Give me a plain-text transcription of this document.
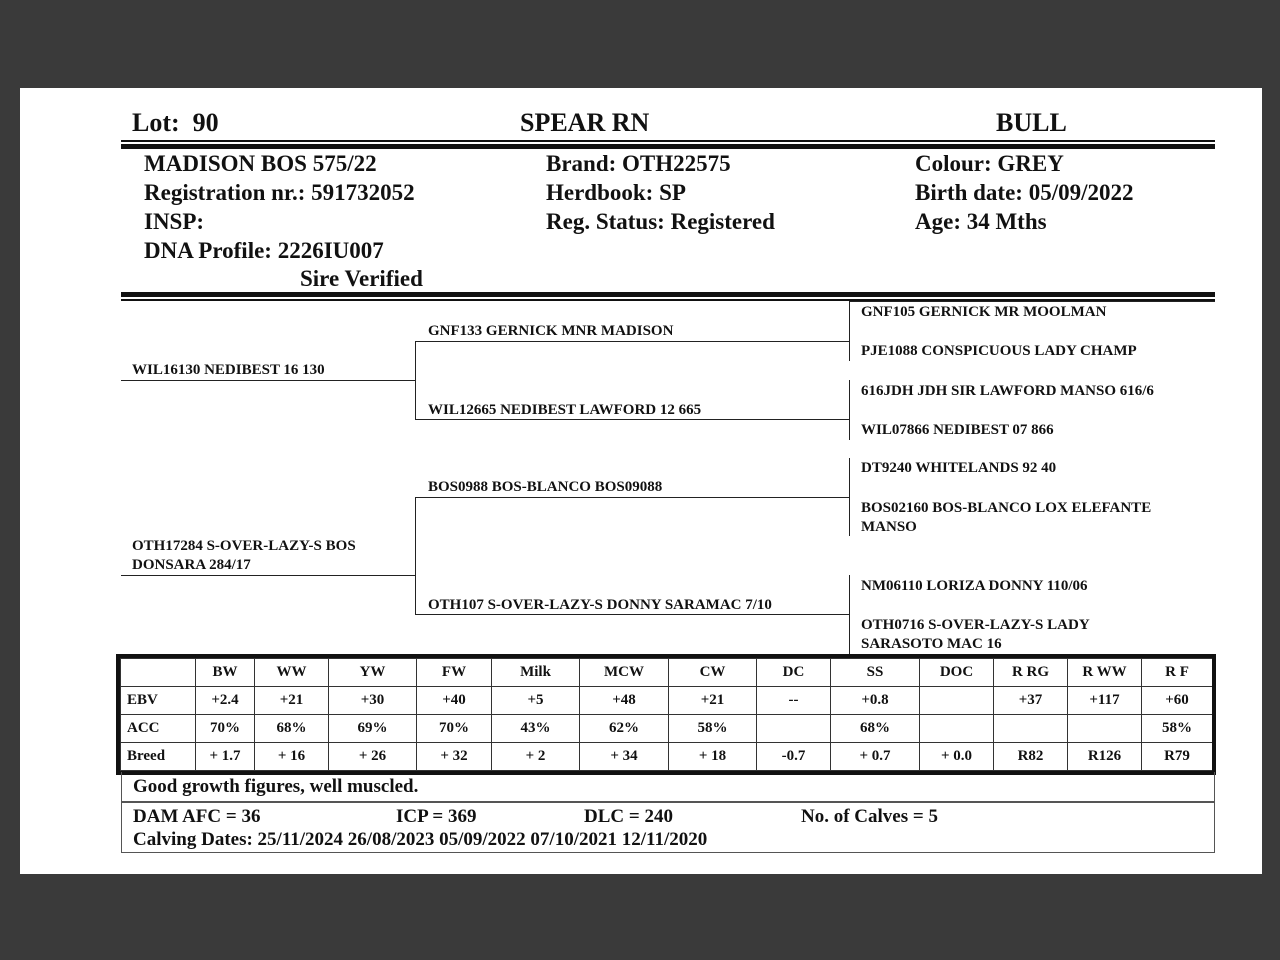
Lot: 90	SPEAR RN	BULL
MADISON BOS 575/22
Registration nr.: 591732052
INSP:
DNA Profile: 2226IU007
Sire Verified
Brand: OTH22575
Herdbook: SP
Reg. Status: Registered
Colour: GREY
Birth date: 05/09/2022
Age: 34 Mths
WIL16130 NEDIBEST 16 130
OTH17284 S-OVER-LAZY-S BOS DONSARA 284/17
GNF133 GERNICK MNR MADISON
WIL12665 NEDIBEST LAWFORD 12 665
BOS0988 BOS-BLANCO BOS09088
OTH107 S-OVER-LAZY-S DONNY SARAMAC 7/10
GNF105 GERNICK MR MOOLMAN
PJE1088 CONSPICUOUS LADY CHAMP
616JDH JDH SIR LAWFORD MANSO 616/6
WIL07866 NEDIBEST 07 866
DT9240 WHITELANDS 92 40
BOS02160 BOS-BLANCO LOX ELEFANTE MANSO
NM06110 LORIZA DONNY 110/06
OTH0716 S-OVER-LAZY-S LADY SARASOTO MAC 16
	BW	WW	YW	FW	Milk	MCW	CW	DC	SS	DOC	R RG	R WW	R F
EBV	+2.4	+21	+30	+40	+5	+48	+21	--	+0.8		+37	+117	+60
ACC	70%	68%	69%	70%	43%	62%	58%		68%				58%
Breed	+ 1.7	+ 16	+ 26	+ 32	+ 2	+ 34	+ 18	-0.7	+ 0.7	+ 0.0	R82	R126	R79
Good growth figures, well muscled.
DAM AFC = 36	ICP = 369	DLC = 240	No. of Calves = 5
Calving Dates: 25/11/2024 26/08/2023 05/09/2022 07/10/2021 12/11/2020
